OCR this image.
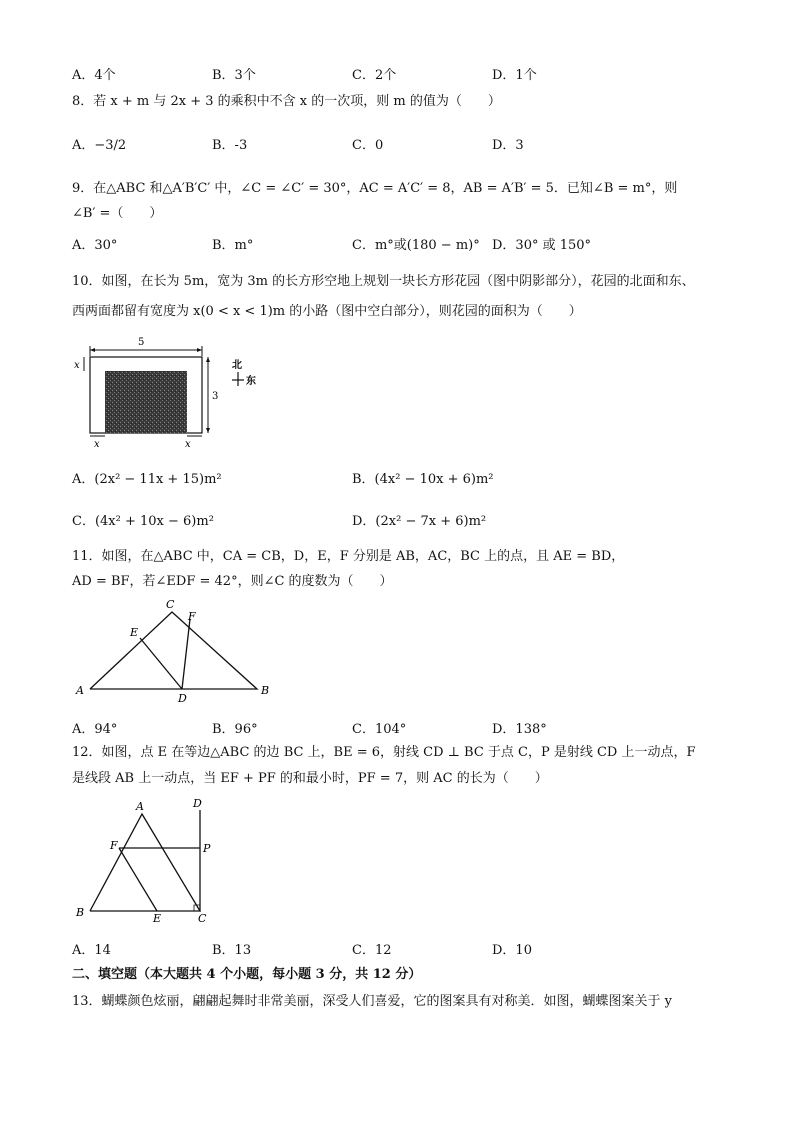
A．4个	B．3个	C．2个	D．1个
8．若 x + m 与 2x + 3 的乘积中不含 x 的一次项，则 m 的值为（　　）
A．−3/2	B．-3	C．0	D．3
9．在△ABC 和△A′B′C′ 中，∠C = ∠C′ = 30°，AC = A′C′ = 8，AB = A′B′ = 5．已知∠B = m°，则
∠B′ =（　　）
A．30°	B．m°	C．m°或(180 − m)° D．30° 或 150°
10．如图，在长为 5m，宽为 3m 的长方形空地上规划一块长方形花园（图中阴影部分），花园的北面和东、
西两面都留有宽度为 x(0 < x < 1)m 的小路（图中空白部分），则花园的面积为（　　）
5
x
3
x	x
北
东
A．(2x² − 11x + 15)m²	B．(4x² − 10x + 6)m²
C．(4x² + 10x − 6)m²	D．(2x² − 7x + 6)m²
11．如图，在△ABC 中，CA = CB，D，E，F 分别是 AB，AC，BC 上的点，且 AE = BD，
AD = BF，若∠EDF = 42°，则∠C 的度数为（　　）
C
F
E
A
D
B
A．94°	B．96°	C．104°	D．138°
12．如图，点 E 在等边△ABC 的边 BC 上，BE = 6，射线 CD ⊥ BC 于点 C，P 是射线 CD 上一动点，F
是线段 AB 上一动点，当 EF + PF 的和最小时，PF = 7，则 AC 的长为（　　）
A	D
F	P
B	E	C
A．14	B．13	C．12	D．10
二、填空题（本大题共 4 个小题，每小题 3 分，共 12 分）
13．蝴蝶颜色炫丽，翩翩起舞时非常美丽，深受人们喜爱，它的图案具有对称美．如图，蝴蝶图案关于 y
